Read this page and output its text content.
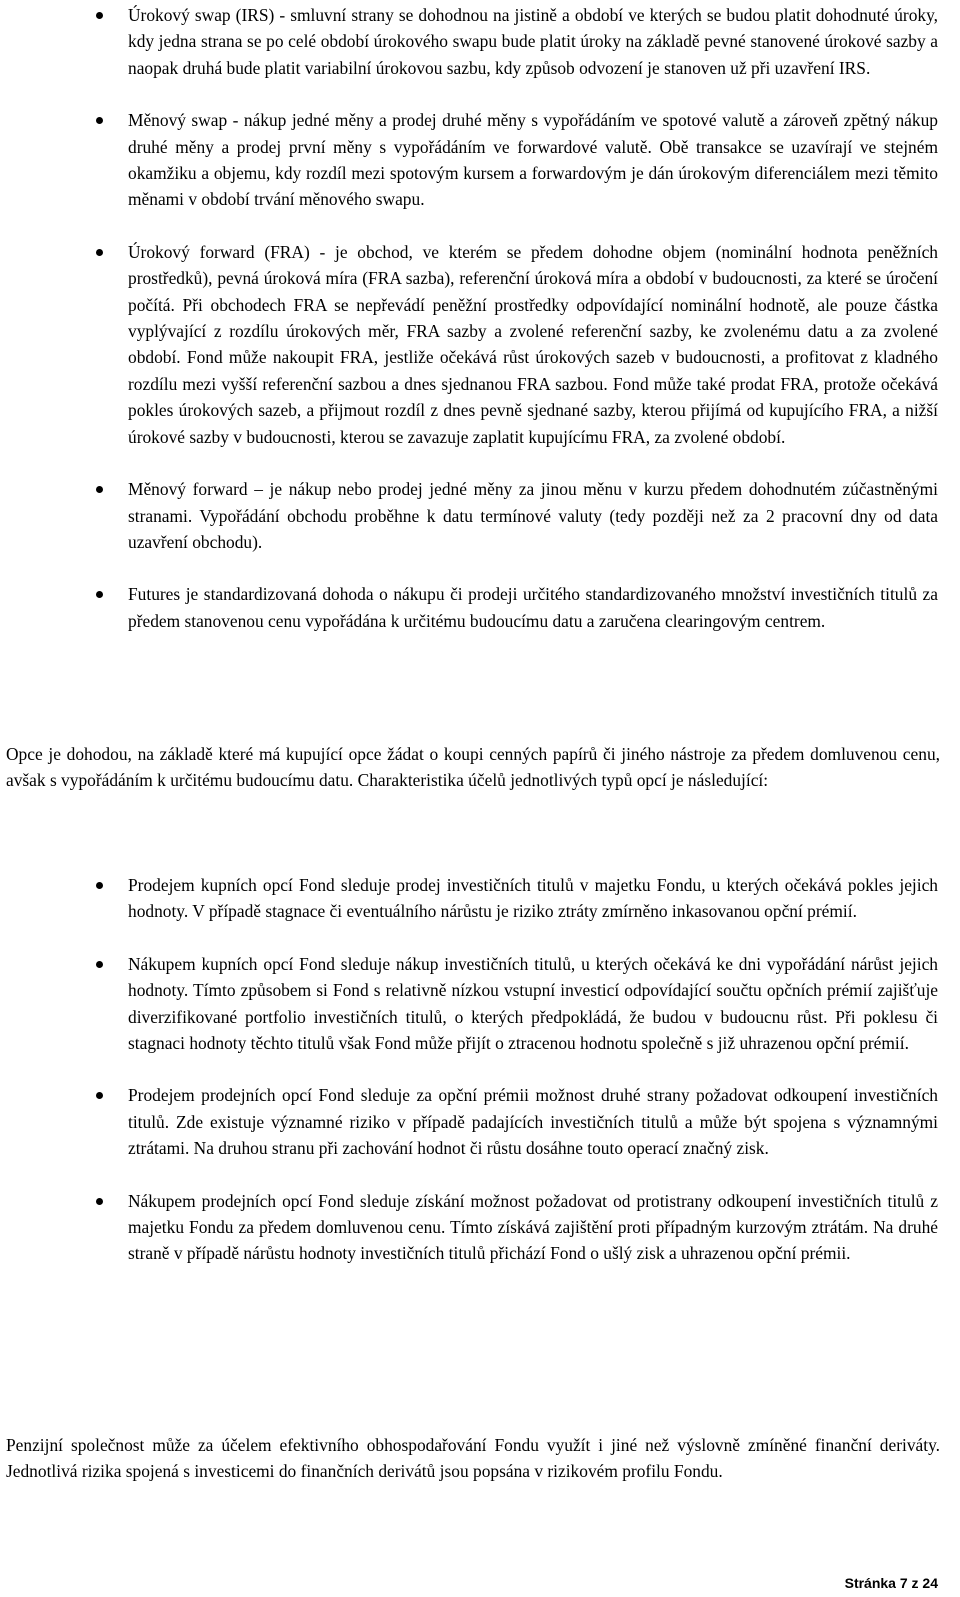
Úrokový swap (IRS) - smluvní strany se dohodnou na jistině a období ve kterých se budou platit dohodnuté úroky, kdy jedna strana se po celé období úrokového swapu bude platit úroky na základě pevné stanovené úrokové sazby a naopak druhá bude platit variabilní úrokovou sazbu, kdy způsob odvození je stanoven už při uzavření IRS.
Měnový swap - nákup jedné měny a prodej druhé měny s vypořádáním ve spotové valutě a zároveň zpětný nákup druhé měny a prodej první měny s vypořádáním ve forwardové valutě. Obě transakce se uzavírají ve stejném okamžiku a objemu, kdy rozdíl mezi spotovým kursem a forwardovým je dán úrokovým diferenciálem mezi těmito měnami v období trvání měnového swapu.
Úrokový forward (FRA) - je obchod, ve kterém se předem dohodne objem (nominální hodnota peněžních prostředků), pevná úroková míra (FRA sazba), referenční úroková míra a období v budoucnosti, za které se úročení počítá. Při obchodech FRA se nepřevádí peněžní prostředky odpovídající nominální hodnotě, ale pouze částka vyplývající z rozdílu úrokových měr, FRA sazby a zvolené referenční sazby, ke zvolenému datu a za zvolené období. Fond může nakoupit FRA, jestliže očekává růst úrokových sazeb v budoucnosti, a profitovat z kladného rozdílu mezi vyšší referenční sazbou a dnes sjednanou FRA sazbou. Fond může také prodat FRA, protože očekává pokles úrokových sazeb, a přijmout rozdíl z dnes pevně sjednané sazby, kterou přijímá od kupujícího FRA, a nižší úrokové sazby v budoucnosti, kterou se zavazuje zaplatit kupujícímu FRA, za zvolené období.
Měnový forward – je nákup nebo prodej jedné měny za jinou měnu v kurzu předem dohodnutém zúčastněnými stranami. Vypořádání obchodu proběhne k datu termínové valuty (tedy později než za 2 pracovní dny od data uzavření obchodu).
Futures je standardizovaná dohoda o nákupu či prodeji určitého standardizovaného množství investičních titulů za předem stanovenou cenu vypořádána k určitému budoucímu datu a zaručena clearingovým centrem.

Opce je dohodou, na základě které má kupující opce žádat o koupi cenných papírů či jiného nástroje za předem domluvenou cenu, avšak s vypořádáním k určitému budoucímu datu. Charakteristika účelů jednotlivých typů opcí je následující:

Prodejem kupních opcí Fond sleduje prodej investičních titulů v majetku Fondu, u kterých očekává pokles jejich hodnoty. V případě stagnace či eventuálního nárůstu je riziko ztráty zmírněno inkasovanou opční prémií.
Nákupem kupních opcí Fond sleduje nákup investičních titulů, u kterých očekává ke dni vypořádání nárůst jejich hodnoty. Tímto způsobem si Fond s relativně nízkou vstupní investicí odpovídající součtu opčních prémií zajišťuje diverzifikované portfolio investičních titulů, o kterých předpokládá, že budou v budoucnu růst. Při poklesu či stagnaci hodnoty těchto titulů však Fond může přijít o ztracenou hodnotu společně s již uhrazenou opční prémií.
Prodejem prodejních opcí Fond sleduje za opční prémii možnost druhé strany požadovat odkoupení investičních titulů. Zde existuje významné riziko v případě padajících investičních titulů a může být spojena s významnými ztrátami. Na druhou stranu při zachování hodnot či růstu dosáhne touto operací značný zisk.
Nákupem prodejních opcí Fond sleduje získání možnost požadovat od protistrany odkoupení investičních titulů z majetku Fondu za předem domluvenou cenu. Tímto získává zajištění proti případným kurzovým ztrátám. Na druhé straně v případě nárůstu hodnoty investičních titulů přichází Fond o ušlý zisk a uhrazenou opční prémii.

Penzijní společnost může za účelem efektivního obhospodařování Fondu využít i jiné než výslovně zmíněné finanční deriváty. Jednotlivá rizika spojená s investicemi do finančních derivátů jsou popsána v rizikovém profilu Fondu.

Stránka 7 z 24
